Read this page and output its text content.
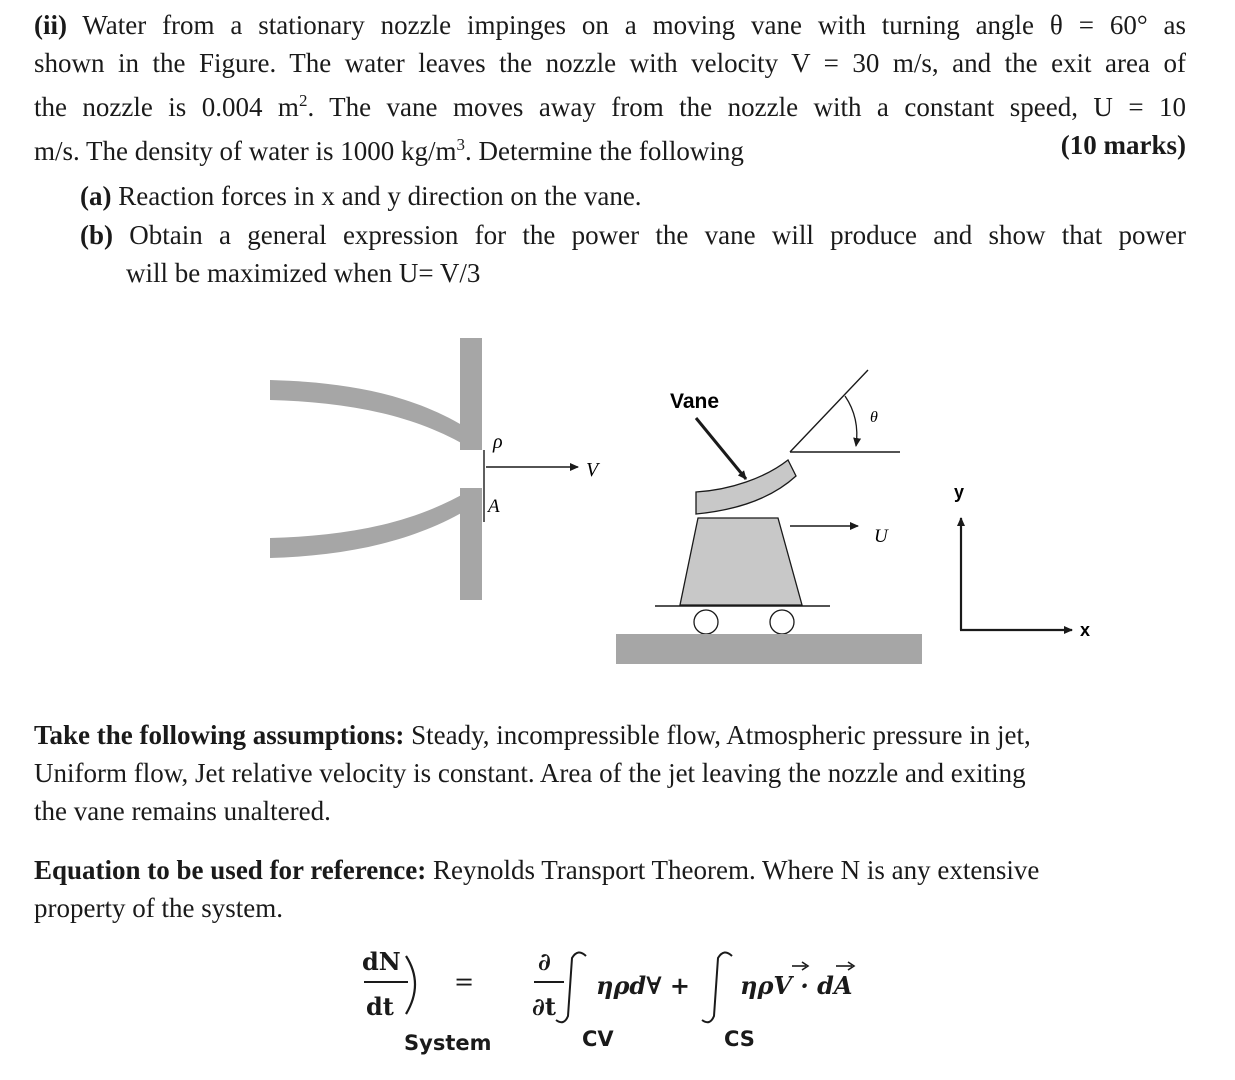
(ii) Water from a stationary nozzle impinges on a moving vane with turning angle θ = 60° as
shown in the Figure. The water leaves the nozzle with velocity V = 30 m/s, and the exit area of
the nozzle is 0.004 $m^2$. The vane moves away from the nozzle with a constant speed, U = 10
m/s. The density of water is 1000 $kg/m^3$. Determine the following	(10 marks)
(a) Reaction forces in x and y direction on the vane.
(b) Obtain a general expression for the power the vane will produce and show that power
will be maximized when U= V/3
ρ
A
V
Vane
U
θ
y
x
Take the following assumptions: Steady, incompressible flow, Atmospheric pressure in jet,
Uniform flow, Jet relative velocity is constant. Area of the jet leaving the nozzle and exiting
the vane remains unaltered.
Equation to be used for reference: Reynolds Transport Theorem. Where N is any extensive
property of the system.
dN
dt
=
∂
∂t
ηρd∀ + ηρV · dA
System	CV	CS
